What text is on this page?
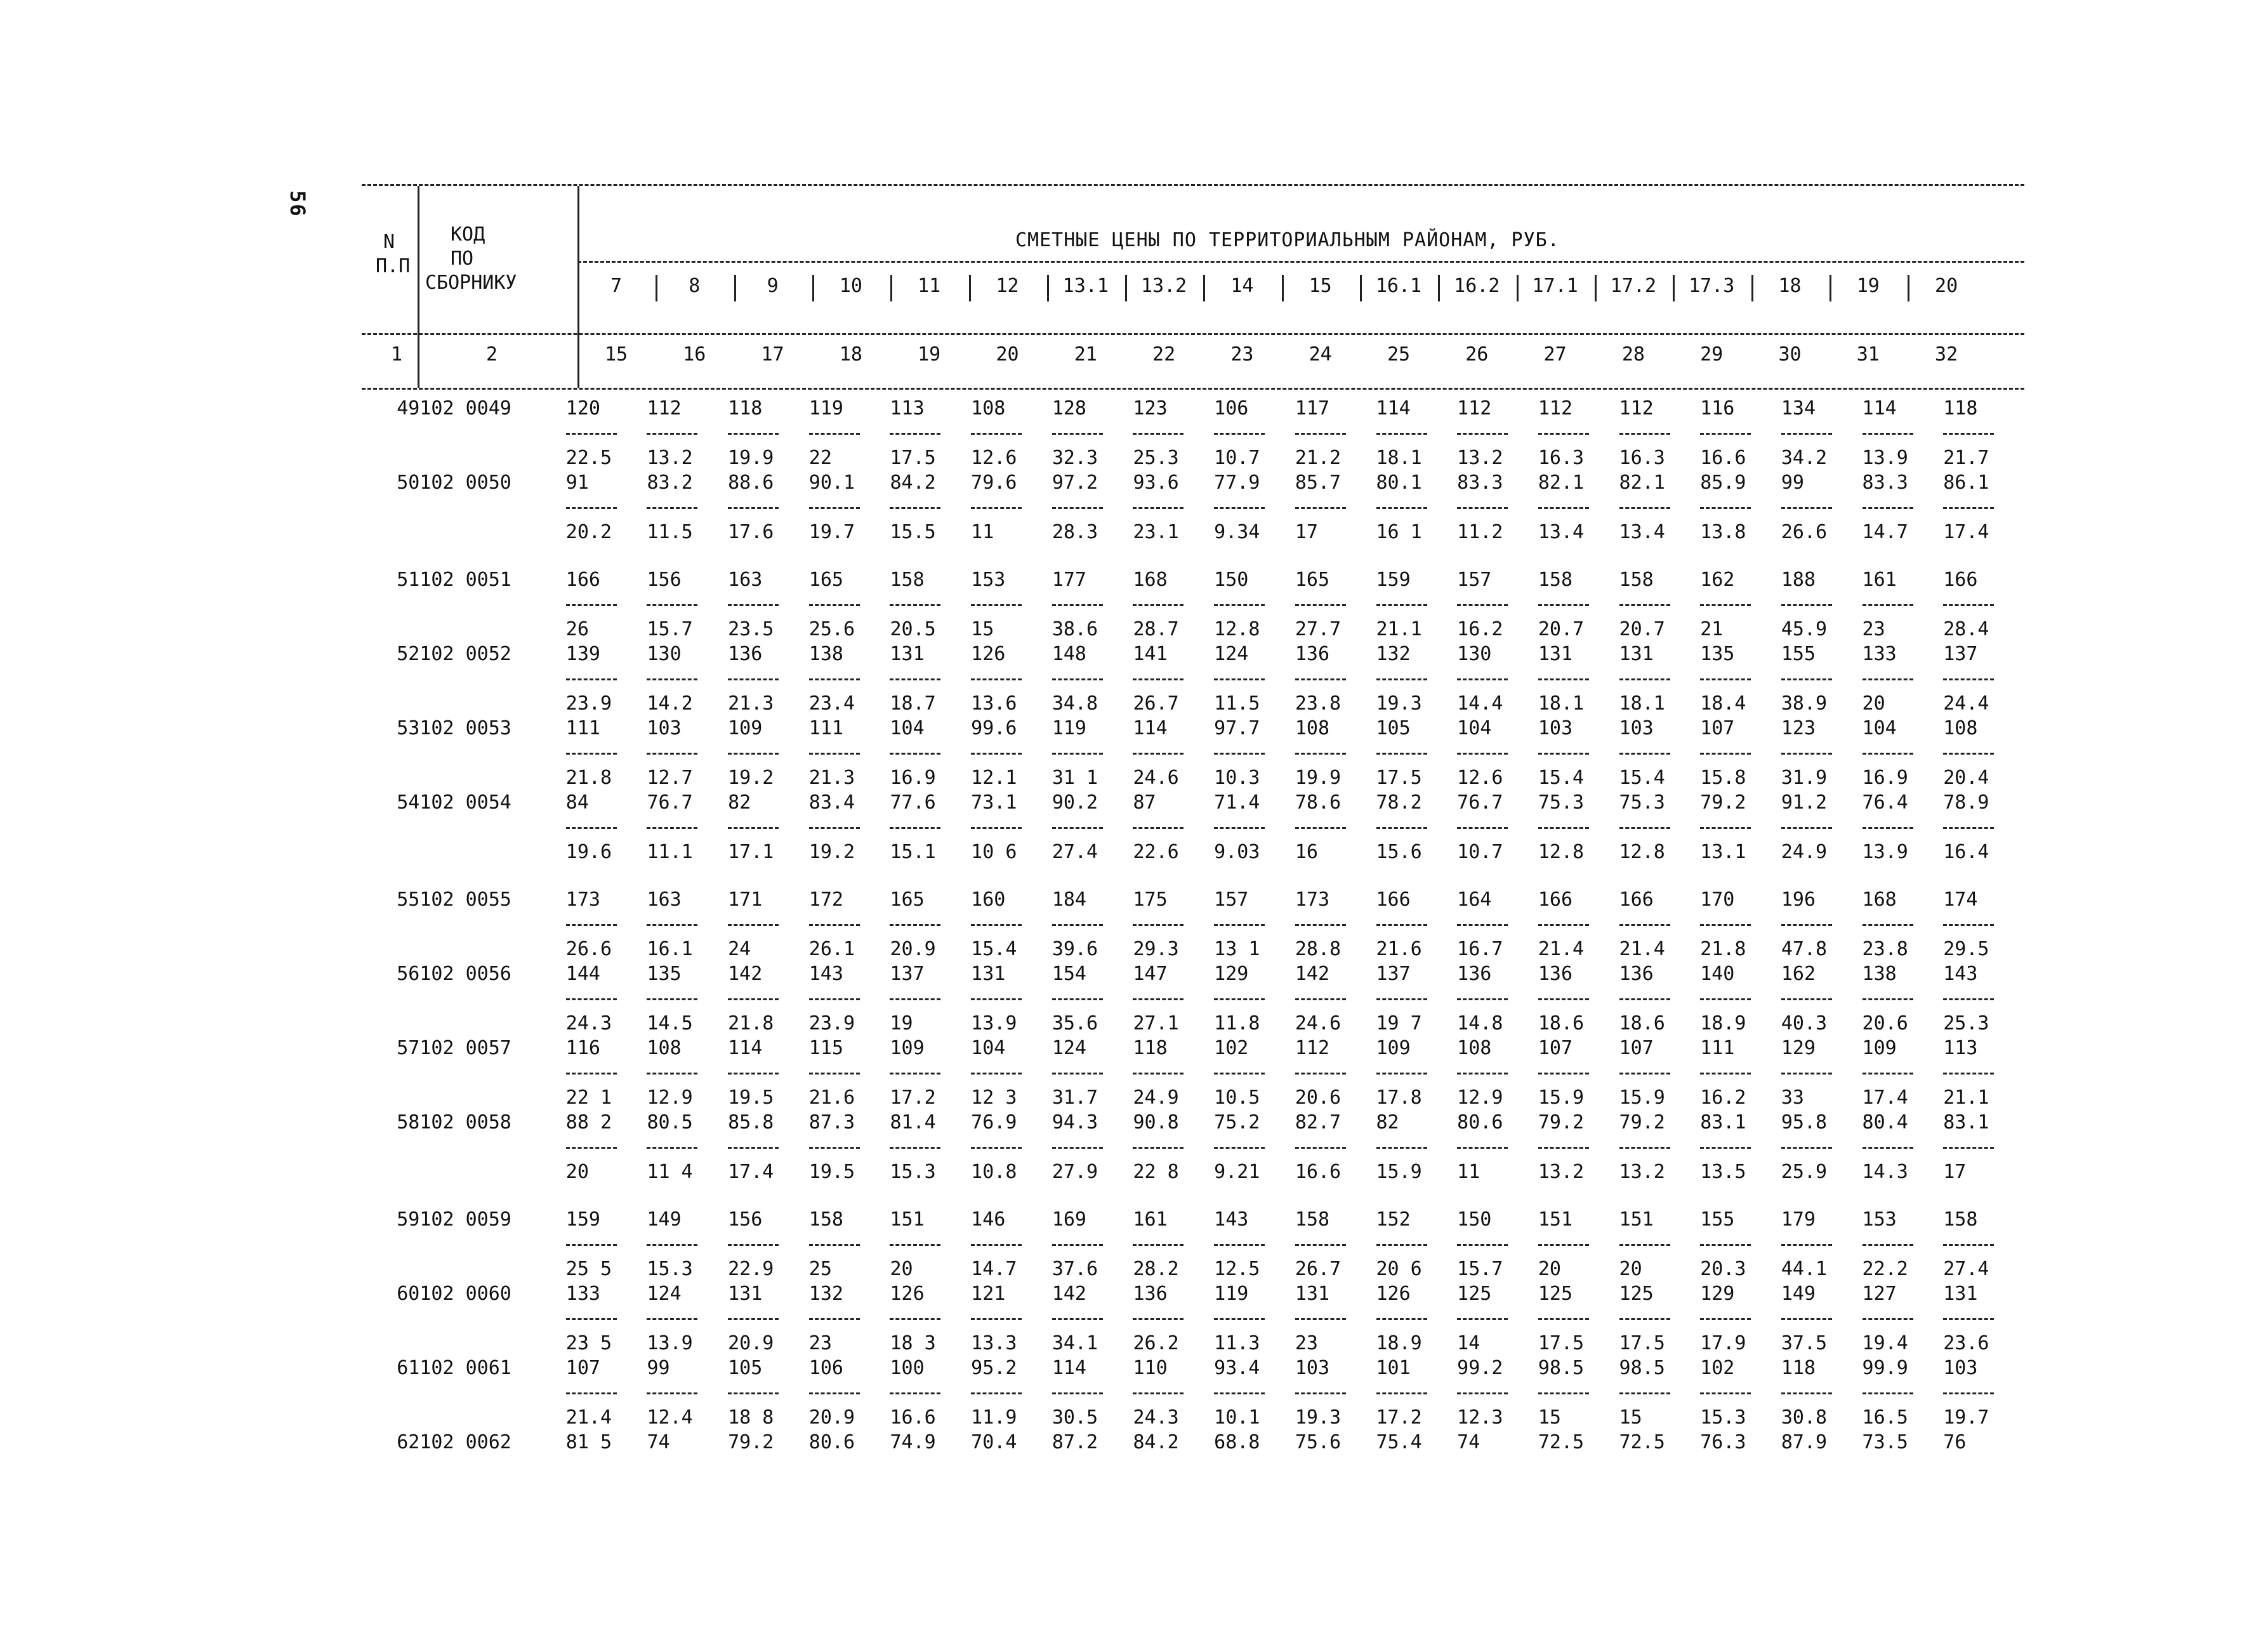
56
N
П.П
КОД
ПО
СБОРНИКУ
СМЕТНЫЕ ЦЕНЫ ПО ТЕРРИТОРИАЛЬНЫМ РАЙОНАМ, РУБ.
7	8	9	10	11	12	13.1	13.2	14	15	16.1	16.2	17.1	17.2	17.3	18	19	20
1	2	15	16	17	18	19	20	21	22	23	24	25	26	27	28	29	30	31	32
49	102 0049	120	112	118	119	113	108	128	123	106	117	114	112	112	112	116	134	114	118

		22.5	13.2	19.9	22	17.5	12.6	32.3	25.3	10.7	21.2	18.1	13.2	16.3	16.3	16.6	34.2	13.9	21.7
50	102 0050	91	83.2	88.6	90.1	84.2	79.6	97.2	93.6	77.9	85.7	80.1	83.3	82.1	82.1	85.9	99	83.3	86.1

		20.2	11.5	17.6	19.7	15.5	11	28.3	23.1	9.34	17	16 1	11.2	13.4	13.4	13.8	26.6	14.7	17.4

51	102 0051	166	156	163	165	158	153	177	168	150	165	159	157	158	158	162	188	161	166

		26	15.7	23.5	25.6	20.5	15	38.6	28.7	12.8	27.7	21.1	16.2	20.7	20.7	21	45.9	23	28.4
52	102 0052	139	130	136	138	131	126	148	141	124	136	132	130	131	131	135	155	133	137

		23.9	14.2	21.3	23.4	18.7	13.6	34.8	26.7	11.5	23.8	19.3	14.4	18.1	18.1	18.4	38.9	20	24.4
53	102 0053	111	103	109	111	104	99.6	119	114	97.7	108	105	104	103	103	107	123	104	108

		21.8	12.7	19.2	21.3	16.9	12.1	31 1	24.6	10.3	19.9	17.5	12.6	15.4	15.4	15.8	31.9	16.9	20.4
54	102 0054	84	76.7	82	83.4	77.6	73.1	90.2	87	71.4	78.6	78.2	76.7	75.3	75.3	79.2	91.2	76.4	78.9

		19.6	11.1	17.1	19.2	15.1	10 6	27.4	22.6	9.03	16	15.6	10.7	12.8	12.8	13.1	24.9	13.9	16.4

55	102 0055	173	163	171	172	165	160	184	175	157	173	166	164	166	166	170	196	168	174

		26.6	16.1	24	26.1	20.9	15.4	39.6	29.3	13 1	28.8	21.6	16.7	21.4	21.4	21.8	47.8	23.8	29.5
56	102 0056	144	135	142	143	137	131	154	147	129	142	137	136	136	136	140	162	138	143

		24.3	14.5	21.8	23.9	19	13.9	35.6	27.1	11.8	24.6	19 7	14.8	18.6	18.6	18.9	40.3	20.6	25.3
57	102 0057	116	108	114	115	109	104	124	118	102	112	109	108	107	107	111	129	109	113

		22 1	12.9	19.5	21.6	17.2	12 3	31.7	24.9	10.5	20.6	17.8	12.9	15.9	15.9	16.2	33	17.4	21.1
58	102 0058	88 2	80.5	85.8	87.3	81.4	76.9	94.3	90.8	75.2	82.7	82	80.6	79.2	79.2	83.1	95.8	80.4	83.1

		20	11 4	17.4	19.5	15.3	10.8	27.9	22 8	9.21	16.6	15.9	11	13.2	13.2	13.5	25.9	14.3	17

59	102 0059	159	149	156	158	151	146	169	161	143	158	152	150	151	151	155	179	153	158

		25 5	15.3	22.9	25	20	14.7	37.6	28.2	12.5	26.7	20 6	15.7	20	20	20.3	44.1	22.2	27.4
60	102 0060	133	124	131	132	126	121	142	136	119	131	126	125	125	125	129	149	127	131

		23 5	13.9	20.9	23	18 3	13.3	34.1	26.2	11.3	23	18.9	14	17.5	17.5	17.9	37.5	19.4	23.6
61	102 0061	107	99	105	106	100	95.2	114	110	93.4	103	101	99.2	98.5	98.5	102	118	99.9	103

		21.4	12.4	18 8	20.9	16.6	11.9	30.5	24.3	10.1	19.3	17.2	12.3	15	15	15.3	30.8	16.5	19.7
62	102 0062	81 5	74	79.2	80.6	74.9	70.4	87.2	84.2	68.8	75.6	75.4	74	72.5	72.5	76.3	87.9	73.5	76
